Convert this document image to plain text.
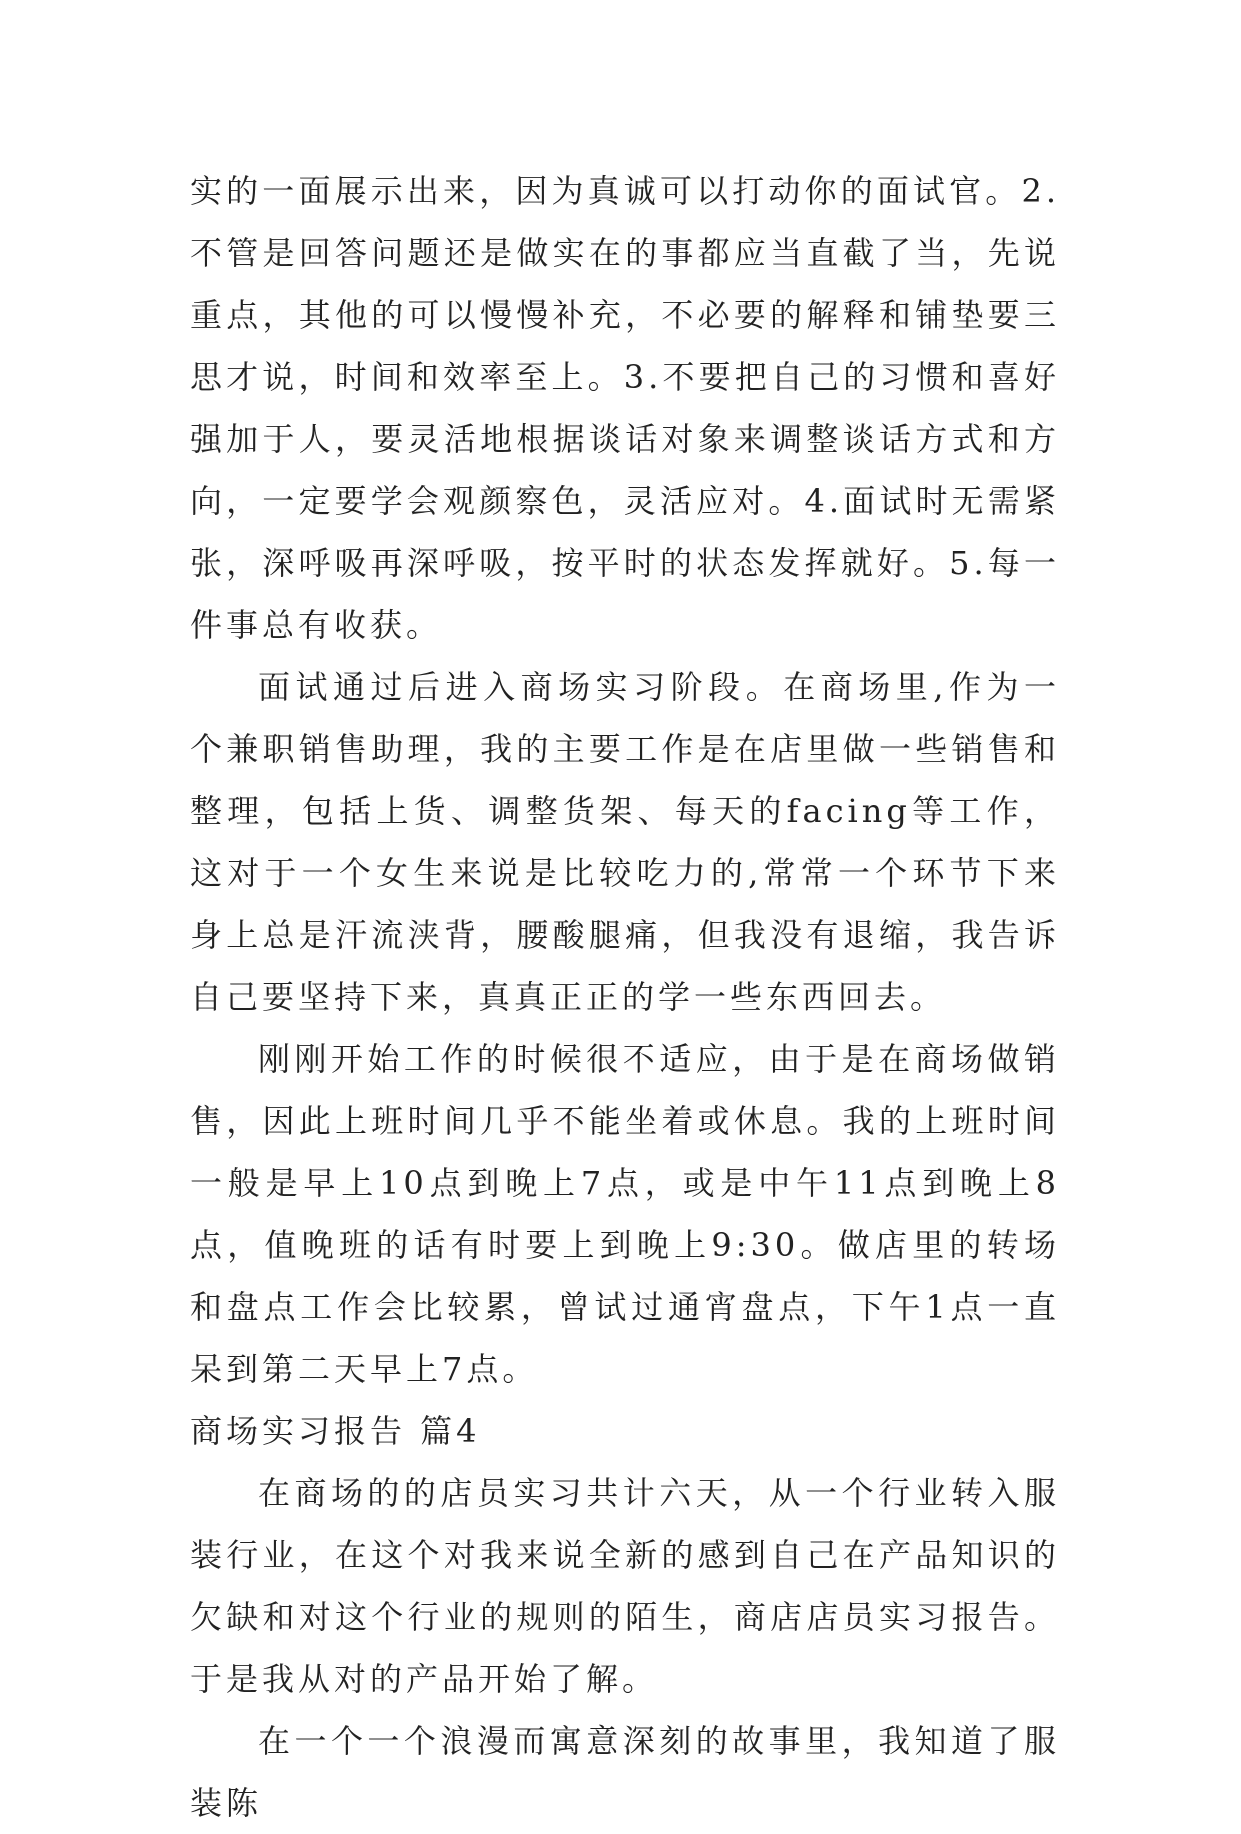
实的一面展示出来，因为真诚可以打动你的面试官。2.不管是回答问题还是做实在的事都应当直截了当，先说重点，其他的可以慢慢补充，不必要的解释和铺垫要三思才说，时间和效率至上。3.不要把自己的习惯和喜好强加于人，要灵活地根据谈话对象来调整谈话方式和方向，一定要学会观颜察色，灵活应对。4.面试时无需紧张，深呼吸再深呼吸，按平时的状态发挥就好。5.每一件事总有收获。

面试通过后进入商场实习阶段。在商场里,作为一个兼职销售助理，我的主要工作是在店里做一些销售和整理，包括上货、调整货架、每天的facing等工作，这对于一个女生来说是比较吃力的,常常一个环节下来身上总是汗流浃背，腰酸腿痛，但我没有退缩，我告诉自己要坚持下来，真真正正的学一些东西回去。

刚刚开始工作的时候很不适应，由于是在商场做销售，因此上班时间几乎不能坐着或休息。我的上班时间一般是早上10点到晚上7点，或是中午11点到晚上8点，值晚班的话有时要上到晚上9:30。做店里的转场和盘点工作会比较累，曾试过通宵盘点，下午1点一直呆到第二天早上7点。

商场实习报告 篇4

在商场的的店员实习共计六天，从一个行业转入服装行业，在这个对我来说全新的感到自己在产品知识的欠缺和对这个行业的规则的陌生，商店店员实习报告。于是我从对的产品开始了解。

在一个一个浪漫而寓意深刻的故事里，我知道了服装陈
